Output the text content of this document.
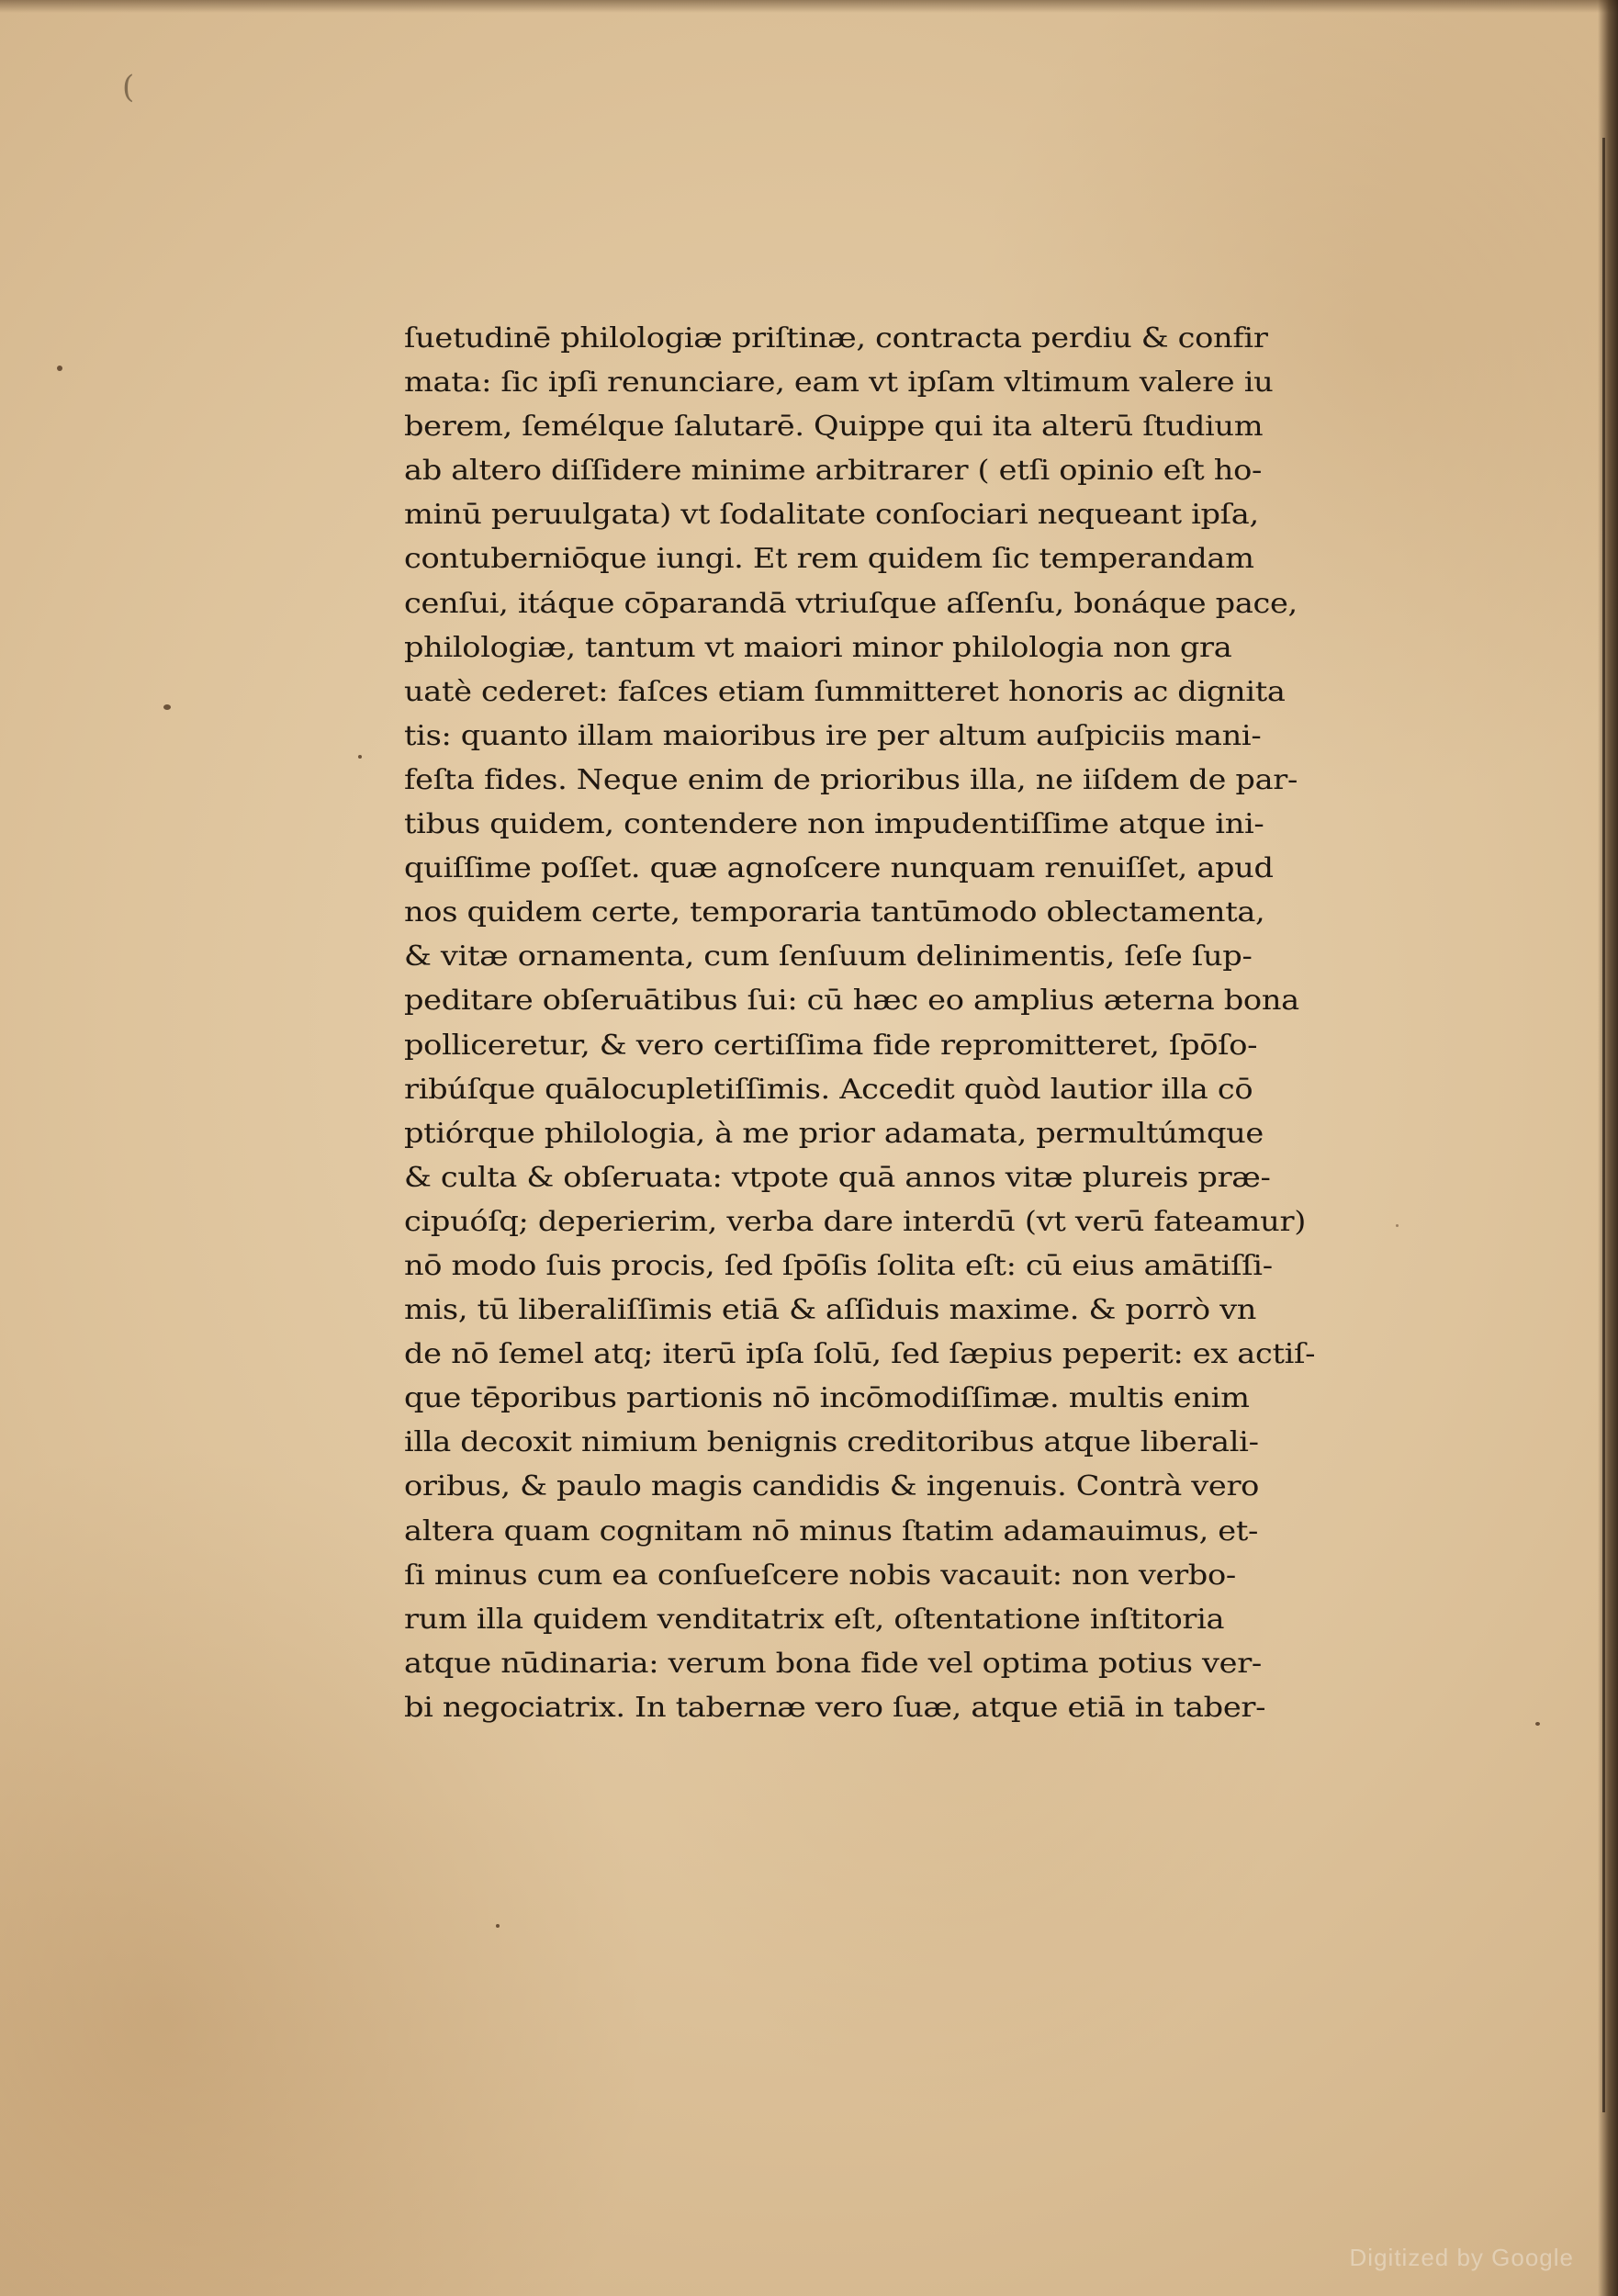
(
ſuetudinē philologiæ priſtinæ, contracta perdiu & confir
mata: ſic ipſi renunciare, eam vt ipſam vltimum valere iu
berem, ſemélque ſalutarē. Quippe qui ita alterū ſtudium
ab altero diſſidere minime arbitrarer ( etſi opinio eſt ho-
minū peruulgata) vt ſodalitate conſociari nequeant ipſa,
contuberniōque iungi. Et rem quidem ſic temperandam
cenſui, itáque cōparandā vtriuſque aſſenſu, bonáque pace,
philologiæ, tantum vt maiori minor philologia non gra
uatè cederet: faſces etiam ſummitteret honoris ac dignita
tis: quanto illam maioribus ire per altum auſpiciis mani-
feſta fides. Neque enim de prioribus illa, ne iiſdem de par-
tibus quidem, contendere non impudentiſſime atque ini-
quiſſime poſſet. quæ agnoſcere nunquam renuiſſet, apud
nos quidem certe, temporaria tantūmodo oblectamenta,
& vitæ ornamenta, cum ſenſuum delinimentis, ſeſe ſup-
peditare obſeruātibus ſui: cū hæc eo amplius æterna bona
polliceretur, & vero certiſſima fide repromitteret, ſpōſo-
ribúſque quālocupletiſſimis. Accedit quòd lautior illa cō
ptiórque philologia, à me prior adamata, permultúmque
& culta & obſeruata: vtpote quā annos vitæ plureis præ-
cipuóſq; deperierim, verba dare interdū (vt verū fateamur)
nō modo ſuis procis, ſed ſpōſis ſolita eſt: cū eius amātiſſi-
mis, tū liberaliſſimis etiā & aſſiduis maxime. & porrò vn
de nō ſemel atq; iterū ipſa ſolū, ſed ſæpius peperit: ex actiſ-
que tēporibus partionis nō incōmodiſſimæ. multis enim
illa decoxit nimium benignis creditoribus atque liberali-
oribus, & paulo magis candidis & ingenuis. Contrà vero
altera quam cognitam nō minus ſtatim adamauimus, et-
ſi minus cum ea conſueſcere nobis vacauit: non verbo-
rum illa quidem venditatrix eſt, oſtentatione inſtitoria
atque nūdinaria: verum bona fide vel optima potius ver-
bi negociatrix. In tabernæ vero ſuæ, atque etiā in taber-
Digitized by Google
